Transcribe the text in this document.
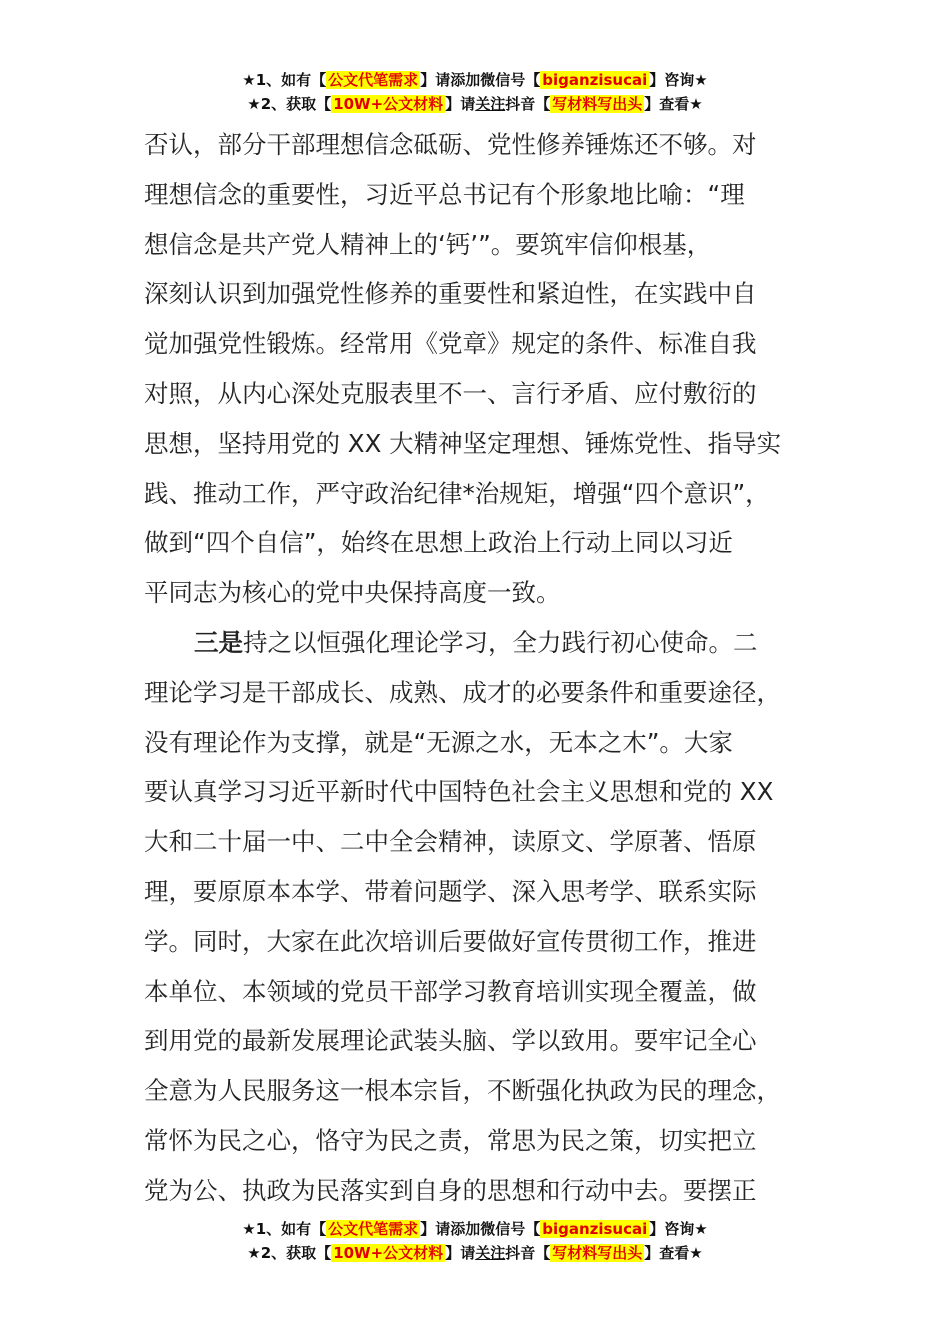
★1、如有【 公文代笔需求 】请添加微信号【 biganzisucai 】咨询★
★2、获取【 10W+公文材料 】请关注抖音【 写材料写出头 】查看★
否认，部分干部理想信念砥砺、党性修养锤炼还不够。对
理想信念的重要性，习近平总书记有个形象地比喻：“理
想信念是共产党人精神上的‘钙’”。要筑牢信仰根基，
深刻认识到加强党性修养的重要性和紧迫性，在实践中自
觉加强党性锻炼。经常用《党章》规定的条件、标准自我
对照，从内心深处克服表里不一、言行矛盾、应付敷衍的
思想，坚持用党的 XX 大精神坚定理想、锤炼党性、指导实
践、推动工作，严守政治纪律*治规矩，增强“四个意识”，
做到“四个自信”，始终在思想上政治上行动上同以习近
平同志为核心的党中央保持高度一致。
三是持之以恒强化理论学习，全力践行初心使命。二
理论学习是干部成长、成熟、成才的必要条件和重要途径，
没有理论作为支撑，就是“无源之水，无本之木”。大家
要认真学习习近平新时代中国特色社会主义思想和党的 XX
大和二十届一中、二中全会精神，读原文、学原著、悟原
理，要原原本本学、带着问题学、深入思考学、联系实际
学。同时，大家在此次培训后要做好宣传贯彻工作，推进
本单位、本领域的党员干部学习教育培训实现全覆盖，做
到用党的最新发展理论武装头脑、学以致用。要牢记全心
全意为人民服务这一根本宗旨，不断强化执政为民的理念，
常怀为民之心，恪守为民之责，常思为民之策，切实把立
党为公、执政为民落实到自身的思想和行动中去。要摆正
★1、如有【 公文代笔需求 】请添加微信号【 biganzisucai 】咨询★
★2、获取【 10W+公文材料 】请关注抖音【 写材料写出头 】查看★
